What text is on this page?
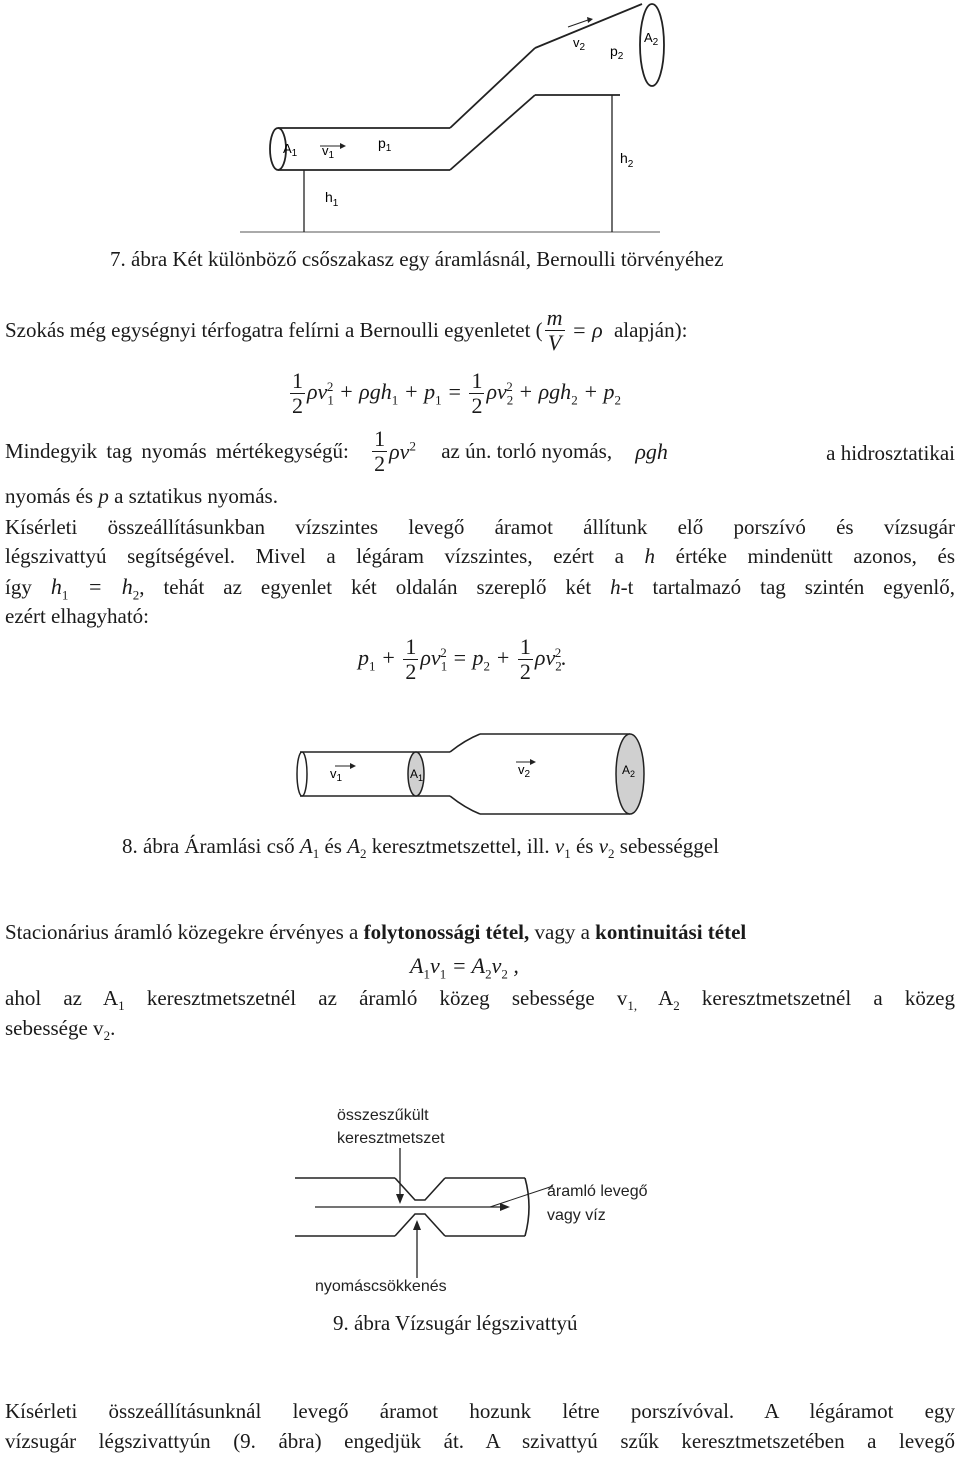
$A_1$ $v_1$
$p_1$
$h_1$
$v_2$ $p_2$
$A_2$
$h_2$
7. ábra Két különböző csőszakasz egy áramlásnál, Bernoulli törvényéhez
Szokás még egységnyi térfogatra felírni a Bernoulli egyenletet ( $\frac{m}{V} = \rho$ alapján):
$\frac{1}{2} \rho v_1^2 + \rho gh_1 + p_1 = \frac{1}{2} \rho v_2^2 + \rho gh_2 + p_2$
Mindegyik tag nyomás mértékegységű: $\frac{1}{2} \rho v^2$ az ún. torló nyomás, ρgh	a hidrosztatikai
nyomás és p a sztatikus nyomás.
Kísérleti összeállításunkban vízszintes levegő áramot állítunk elő porszívó és vízsugár
légszivattyú segítségével. Mivel a légáram vízszintes, ezért a h értéke mindenütt azonos, és
így $h_1 = h_2$, tehát az egyenlet két oldalán szereplő két h-t tartalmazó tag szintén egyenlő,
ezért elhagyható:
$p_1 + \frac{1}{2} \rho v_1^2 = p_2 + \frac{1}{2} \rho v_2^2$.
$v_1$	$A_1$
$v_2$	$A_2$
8. ábra Áramlási cső $A_1$ és $A_2$ keresztmetszettel, ill. $v_1$ és $v_2$ sebességgel
Stacionárius áramló közegekre érvényes a folytonossági tétel, vagy a kontinuitási tétel
$A_1v_1 = A_2v_2$ ,
ahol az $A_1$ keresztmetszetnél az áramló közeg sebessége $v_{1,}$ $A_2$ keresztmetszetnél a közeg
sebessége $v_2$.
összeszűkült
keresztmetszet
áramló levegő
vagy víz
nyomáscsökkenés
9. ábra Vízsugár légszivattyú
Kísérleti összeállításunknál levegő áramot hozunk létre porszívóval. A légáramot egy
vízsugár légszivattyún (9. ábra) engedjük át. A szivattyú szűk keresztmetszetében a levegő
